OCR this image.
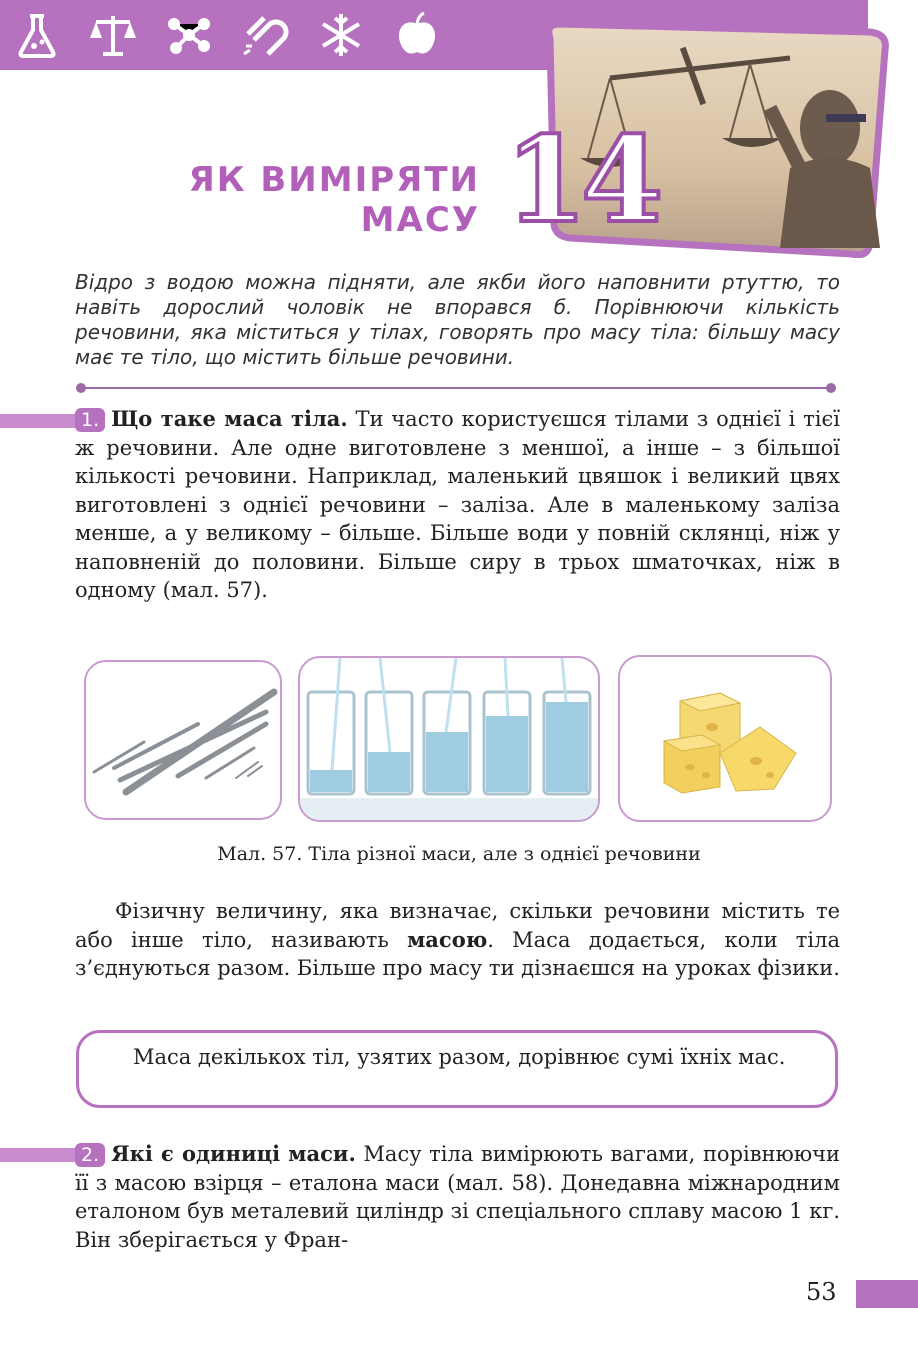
ЯК ВИМІРЯТИ
МАСУ 14
Відро з водою можна підняти, але якби його наповнити ртуттю, то навіть дорослий чоловік не впорався б. Порівнюючи кількість речовини, яка міститься у тілах, говорять про масу тіла: більшу масу має те тіло, що містить більше речовини.
1. Що таке маса тіла. Ти часто користуєшся тілами з однієї і тієї ж речовини. Але одне виготовлене з меншої, а інше – з більшої кількості речовини. Наприклад, маленький цвяшок і великий цвях виготовлені з однієї речовини – заліза. Але в маленькому заліза менше, а у великому – більше. Більше води у повній склянці, ніж у наповненій до половини. Більше сиру в трьох шматочках, ніж в одному (мал. 57).
Мал. 57. Тіла різної маси, але з однієї речовини
Фізичну величину, яка визначає, скільки речовини містить те або інше тіло, називають масою. Маса додається, коли тіла з’єднуються разом. Більше про масу ти дізнаєшся на уроках фізики.
Маса декількох тіл, узятих разом, дорівнює сумі їхніх мас.
2. Які є одиниці маси. Масу тіла вимірюють вагами, порівнюючи її з масою взірця – еталона маси (мал. 58). Донедавна міжнародним еталоном був металевий циліндр зі спеціального сплаву масою 1 кг. Він зберігається у Фран-
53
